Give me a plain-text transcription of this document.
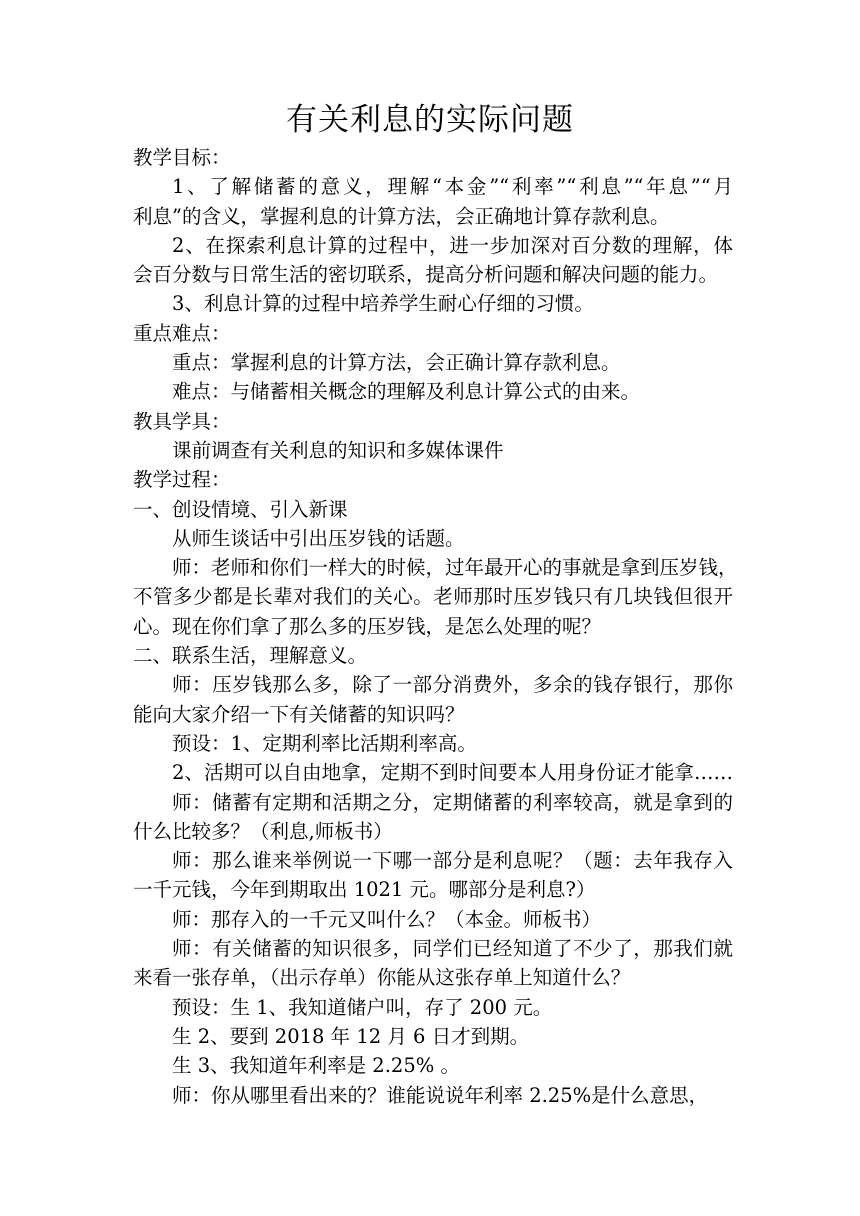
有关利息的实际问题
教学目标：
1、了解储蓄的意义，理解“本金”“利率”“利息”“年息”“月
利息”的含义，掌握利息的计算方法，会正确地计算存款利息。
2、在探索利息计算的过程中，进一步加深对百分数的理解，体
会百分数与日常生活的密切联系，提高分析问题和解决问题的能力。
3、利息计算的过程中培养学生耐心仔细的习惯。
重点难点：
重点：掌握利息的计算方法，会正确计算存款利息。
难点：与储蓄相关概念的理解及利息计算公式的由来。
教具学具：
课前调查有关利息的知识和多媒体课件
教学过程：
一、创设情境、引入新课
从师生谈话中引出压岁钱的话题。
师：老师和你们一样大的时候，过年最开心的事就是拿到压岁钱，
不管多少都是长辈对我们的关心。老师那时压岁钱只有几块钱但很开
心。现在你们拿了那么多的压岁钱，是怎么处理的呢？
二、联系生活，理解意义。
师：压岁钱那么多，除了一部分消费外，多余的钱存银行，那你
能向大家介绍一下有关储蓄的知识吗？
预设：1、定期利率比活期利率高。
2、活期可以自由地拿，定期不到时间要本人用身份证才能拿……
师：储蓄有定期和活期之分，定期储蓄的利率较高，就是拿到的
什么比较多？（利息,师板书）
师：那么谁来举例说一下哪一部分是利息呢？（题：去年我存入
一千元钱，今年到期取出 1021 元。哪部分是利息?）
师：那存入的一千元又叫什么？（本金。师板书）
师：有关储蓄的知识很多，同学们已经知道了不少了，那我们就
来看一张存单，（出示存单）你能从这张存单上知道什么？
预设：生 1、我知道储户叫，存了 200 元。
生 2、要到 2018 年 12 月 6 日才到期。
生 3、我知道年利率是 2.25% 。
师：你从哪里看出来的？谁能说说年利率 2.25%是什么意思，
